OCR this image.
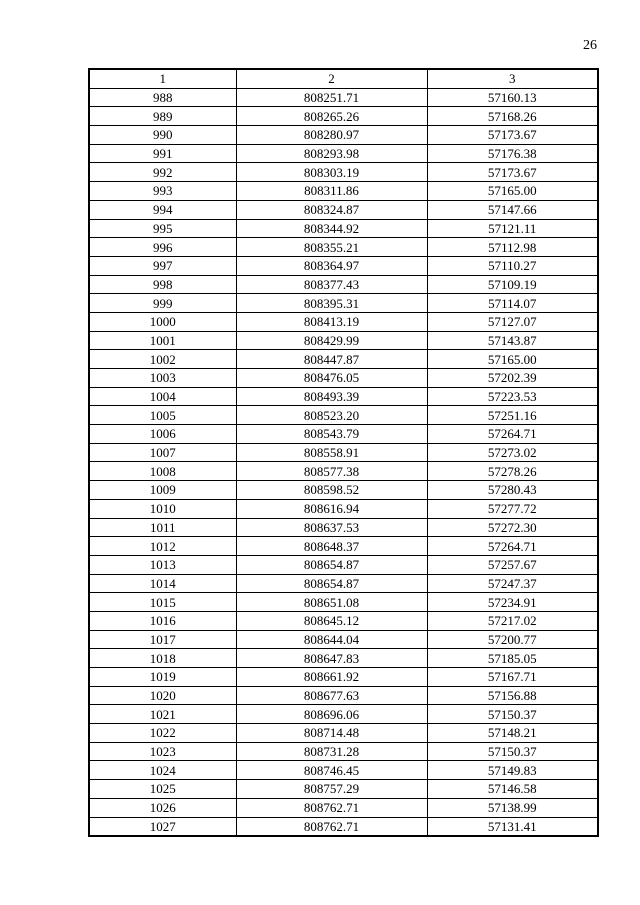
26
1	2	3
988	808251.71	57160.13
989	808265.26	57168.26
990	808280.97	57173.67
991	808293.98	57176.38
992	808303.19	57173.67
993	808311.86	57165.00
994	808324.87	57147.66
995	808344.92	57121.11
996	808355.21	57112.98
997	808364.97	57110.27
998	808377.43	57109.19
999	808395.31	57114.07
1000	808413.19	57127.07
1001	808429.99	57143.87
1002	808447.87	57165.00
1003	808476.05	57202.39
1004	808493.39	57223.53
1005	808523.20	57251.16
1006	808543.79	57264.71
1007	808558.91	57273.02
1008	808577.38	57278.26
1009	808598.52	57280.43
1010	808616.94	57277.72
1011	808637.53	57272.30
1012	808648.37	57264.71
1013	808654.87	57257.67
1014	808654.87	57247.37
1015	808651.08	57234.91
1016	808645.12	57217.02
1017	808644.04	57200.77
1018	808647.83	57185.05
1019	808661.92	57167.71
1020	808677.63	57156.88
1021	808696.06	57150.37
1022	808714.48	57148.21
1023	808731.28	57150.37
1024	808746.45	57149.83
1025	808757.29	57146.58
1026	808762.71	57138.99
1027	808762.71	57131.41
